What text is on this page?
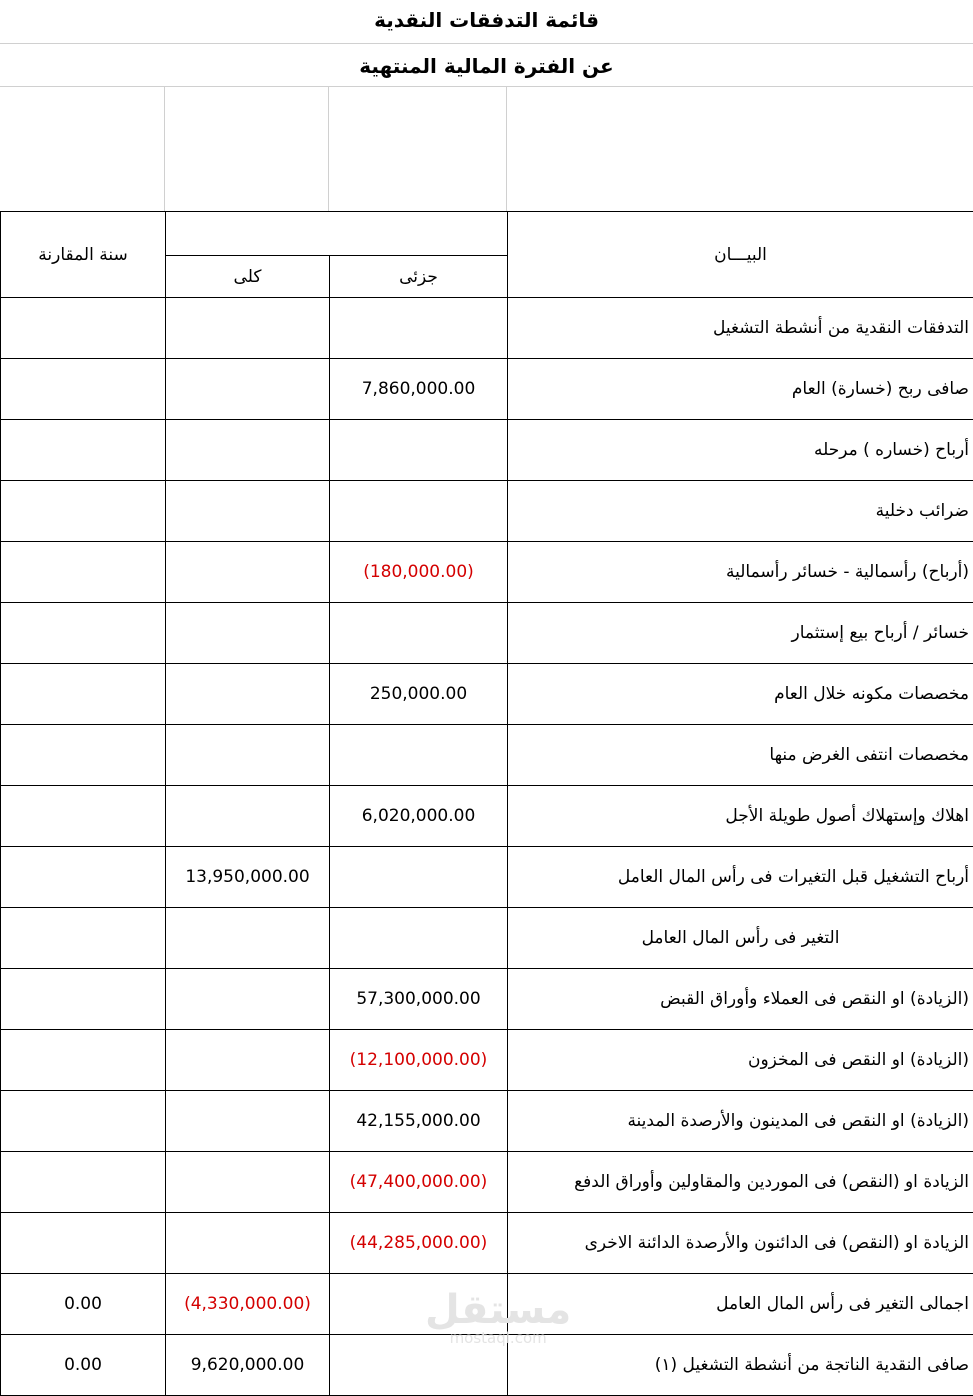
قائمة التدفقات النقدية
عن الفترة المالية المنتهية
سنة المقارنة			البيـــان
	كلى	جزئى	
			التدفقات النقدية من أنشطة التشغيل
		7,860,000.00	صافى ربح (خسارة) العام
			أرباح (خساره ) مرحله
			ضرائب دخلية
		(180,000.00)	(أرباح) رأسمالية - خسائر رأسمالية
			خسائر / أرباح بيع إستثمار
		250,000.00	مخصصات مكونه خلال العام
			مخصصات انتفى الغرض منها
		6,020,000.00	اهلاك وإستهلاك أصول طويلة الأجل
	13,950,000.00		أرباح التشغيل قبل التغيرات فى رأس المال العامل
			التغير فى رأس المال العامل
		57,300,000.00	(الزيادة) او النقص فى العملاء وأوراق القبض
		(12,100,000.00)	(الزيادة) او النقص فى المخزون
		42,155,000.00	(الزيادة) او النقص فى المدينون والأرصدة المدينة
		(47,400,000.00)	الزيادة او (النقص) فى الموردين والمقاولين وأوراق الدفع
		(44,285,000.00)	الزيادة او (النقص) فى الدائنون والأرصدة الدائنة الاخرى
0.00	(4,330,000.00)		اجمالى التغير فى رأس المال العامل
0.00	9,620,000.00		صافى النقدية الناتجة من أنشطة التشغيل (١)
مستقل
mostaql.com
